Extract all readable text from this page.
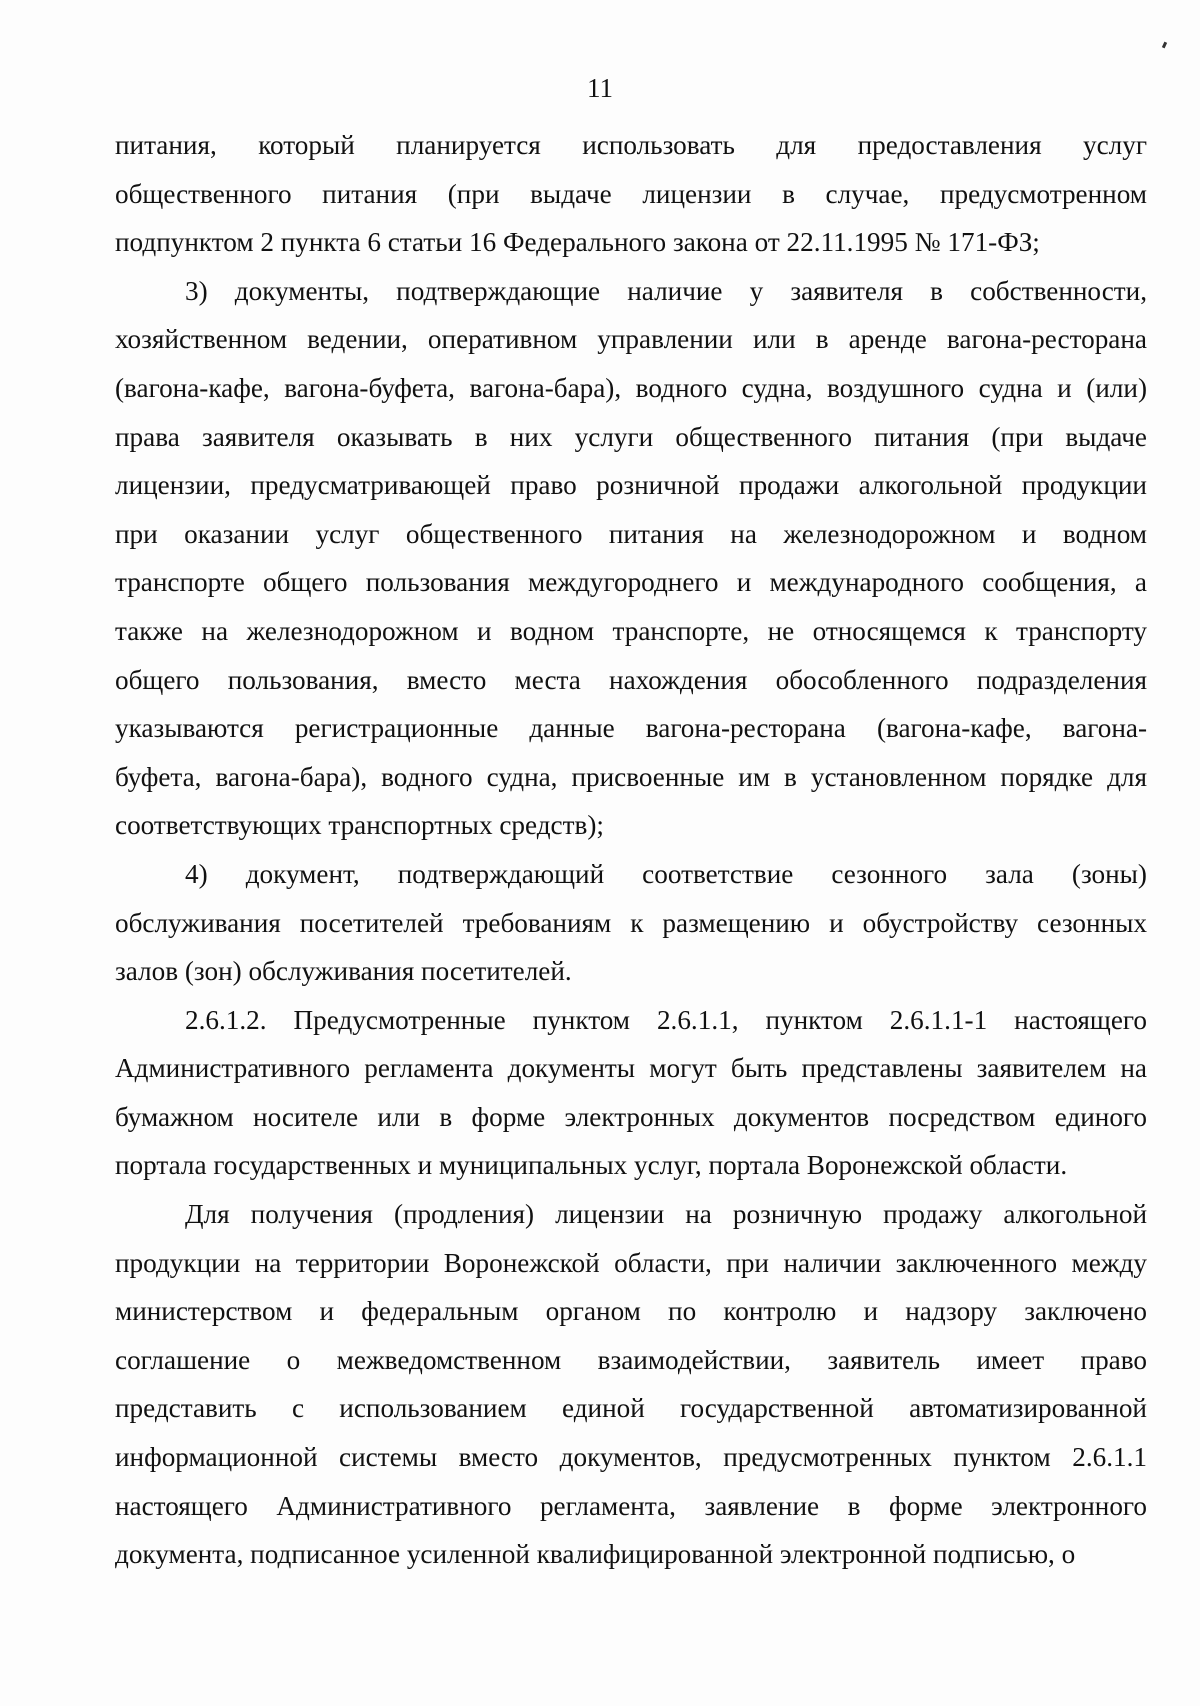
11
питания, который планируется использовать для предоставления услуг
общественного питания (при выдаче лицензии в случае, предусмотренном
подпунктом 2 пункта 6 статьи 16 Федерального закона от 22.11.1995 № 171-ФЗ;
3) документы, подтверждающие наличие у заявителя в собственности,
хозяйственном ведении, оперативном управлении или в аренде вагона-ресторана
(вагона-кафе, вагона-буфета, вагона-бара), водного судна, воздушного судна и (или)
права заявителя оказывать в них услуги общественного питания (при выдаче
лицензии, предусматривающей право розничной продажи алкогольной продукции
при оказании услуг общественного питания на железнодорожном и водном
транспорте общего пользования междугороднего и международного сообщения, а
также на железнодорожном и водном транспорте, не относящемся к транспорту
общего пользования, вместо места нахождения обособленного подразделения
указываются регистрационные данные вагона-ресторана (вагона-кафе, вагона-
буфета, вагона-бара), водного судна, присвоенные им в установленном порядке для
соответствующих транспортных средств);
4) документ, подтверждающий соответствие сезонного зала (зоны)
обслуживания посетителей требованиям к размещению и обустройству сезонных
залов (зон) обслуживания посетителей.
2.6.1.2. Предусмотренные пунктом 2.6.1.1, пунктом 2.6.1.1-1 настоящего
Административного регламента документы могут быть представлены заявителем на
бумажном носителе или в форме электронных документов посредством единого
портала государственных и муниципальных услуг, портала Воронежской области.
Для получения (продления) лицензии на розничную продажу алкогольной
продукции на территории Воронежской области, при наличии заключенного между
министерством и федеральным органом по контролю и надзору заключено
соглашение о межведомственном взаимодействии, заявитель имеет право
представить с использованием единой государственной автоматизированной
информационной системы вместо документов, предусмотренных пунктом 2.6.1.1
настоящего Административного регламента, заявление в форме электронного
документа, подписанное усиленной квалифицированной электронной подписью, о
